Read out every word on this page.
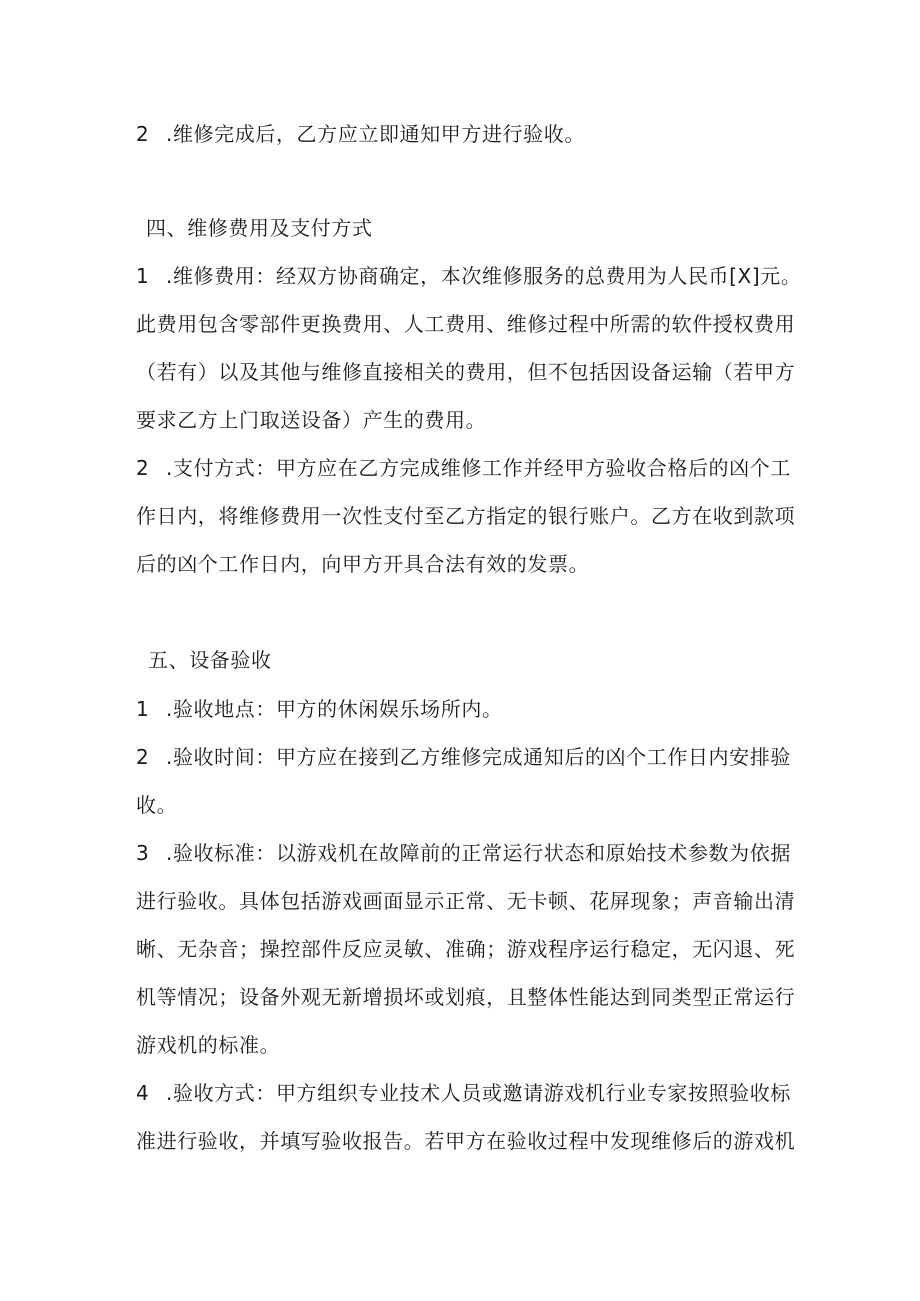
2 .维修完成后，乙方应立即通知甲方进行验收。
四、维修费用及支付方式
1 .维修费用：经双方协商确定，本次维修服务的总费用为人民币[X]元。
此费用包含零部件更换费用、人工费用、维修过程中所需的软件授权费用
（若有）以及其他与维修直接相关的费用，但不包括因设备运输（若甲方
要求乙方上门取送设备）产生的费用。
2 .支付方式：甲方应在乙方完成维修工作并经甲方验收合格后的凶个工
作日内，将维修费用一次性支付至乙方指定的银行账户。乙方在收到款项
后的凶个工作日内，向甲方开具合法有效的发票。
五、设备验收
1 .验收地点：甲方的休闲娱乐场所内。
2 .验收时间：甲方应在接到乙方维修完成通知后的凶个工作日内安排验
收。
3 .验收标准：以游戏机在故障前的正常运行状态和原始技术参数为依据
进行验收。具体包括游戏画面显示正常、无卡顿、花屏现象；声音输出清
晰、无杂音；操控部件反应灵敏、准确；游戏程序运行稳定，无闪退、死
机等情况；设备外观无新增损坏或划痕，且整体性能达到同类型正常运行
游戏机的标准。
4 .验收方式：甲方组织专业技术人员或邀请游戏机行业专家按照验收标
准进行验收，并填写验收报告。若甲方在验收过程中发现维修后的游戏机
